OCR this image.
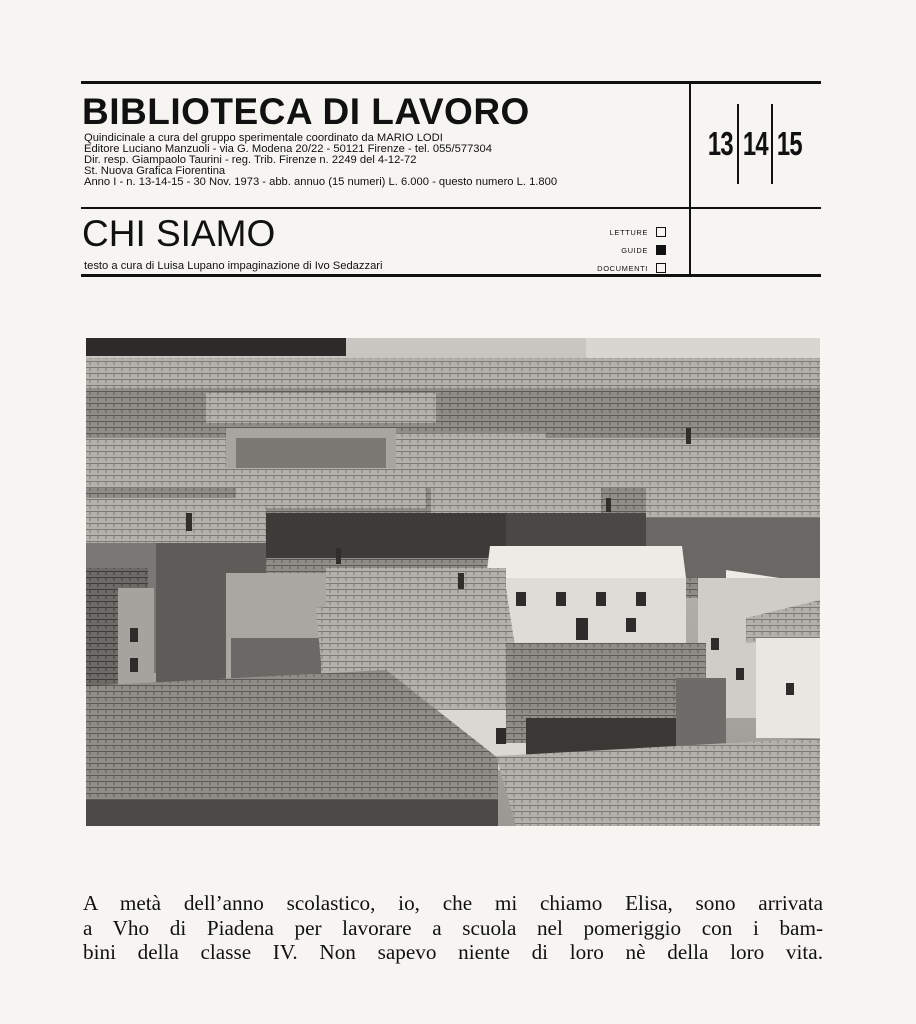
BIBLIOTECA DI LAVORO
Quindicinale a cura del gruppo sperimentale coordinato da MARIO LODI
Editore Luciano Manzuoli - via G. Modena 20/22 - 50121 Firenze - tel. 055/577304
Dir. resp. Giampaolo Taurini - reg. Trib. Firenze n. 2249 del 4-12-72
St. Nuova Grafica Fiorentina
Anno I - n. 13-14-15 - 30 Nov. 1973 - abb. annuo (15 numeri) L. 6.000 - questo numero L. 1.800
CHI SIAMO
testo a cura di Luisa Lupano impaginazione di Ivo Sedazzari
13 14 15
LETTURE
GUIDE
DOCUMENTI
A metà dell’anno scolastico, io, che mi chiamo Elisa, sono arrivata
a Vho di Piadena per lavorare a scuola nel pomeriggio con i bam-
bini della classe IV. Non sapevo niente di loro nè della loro vita.
